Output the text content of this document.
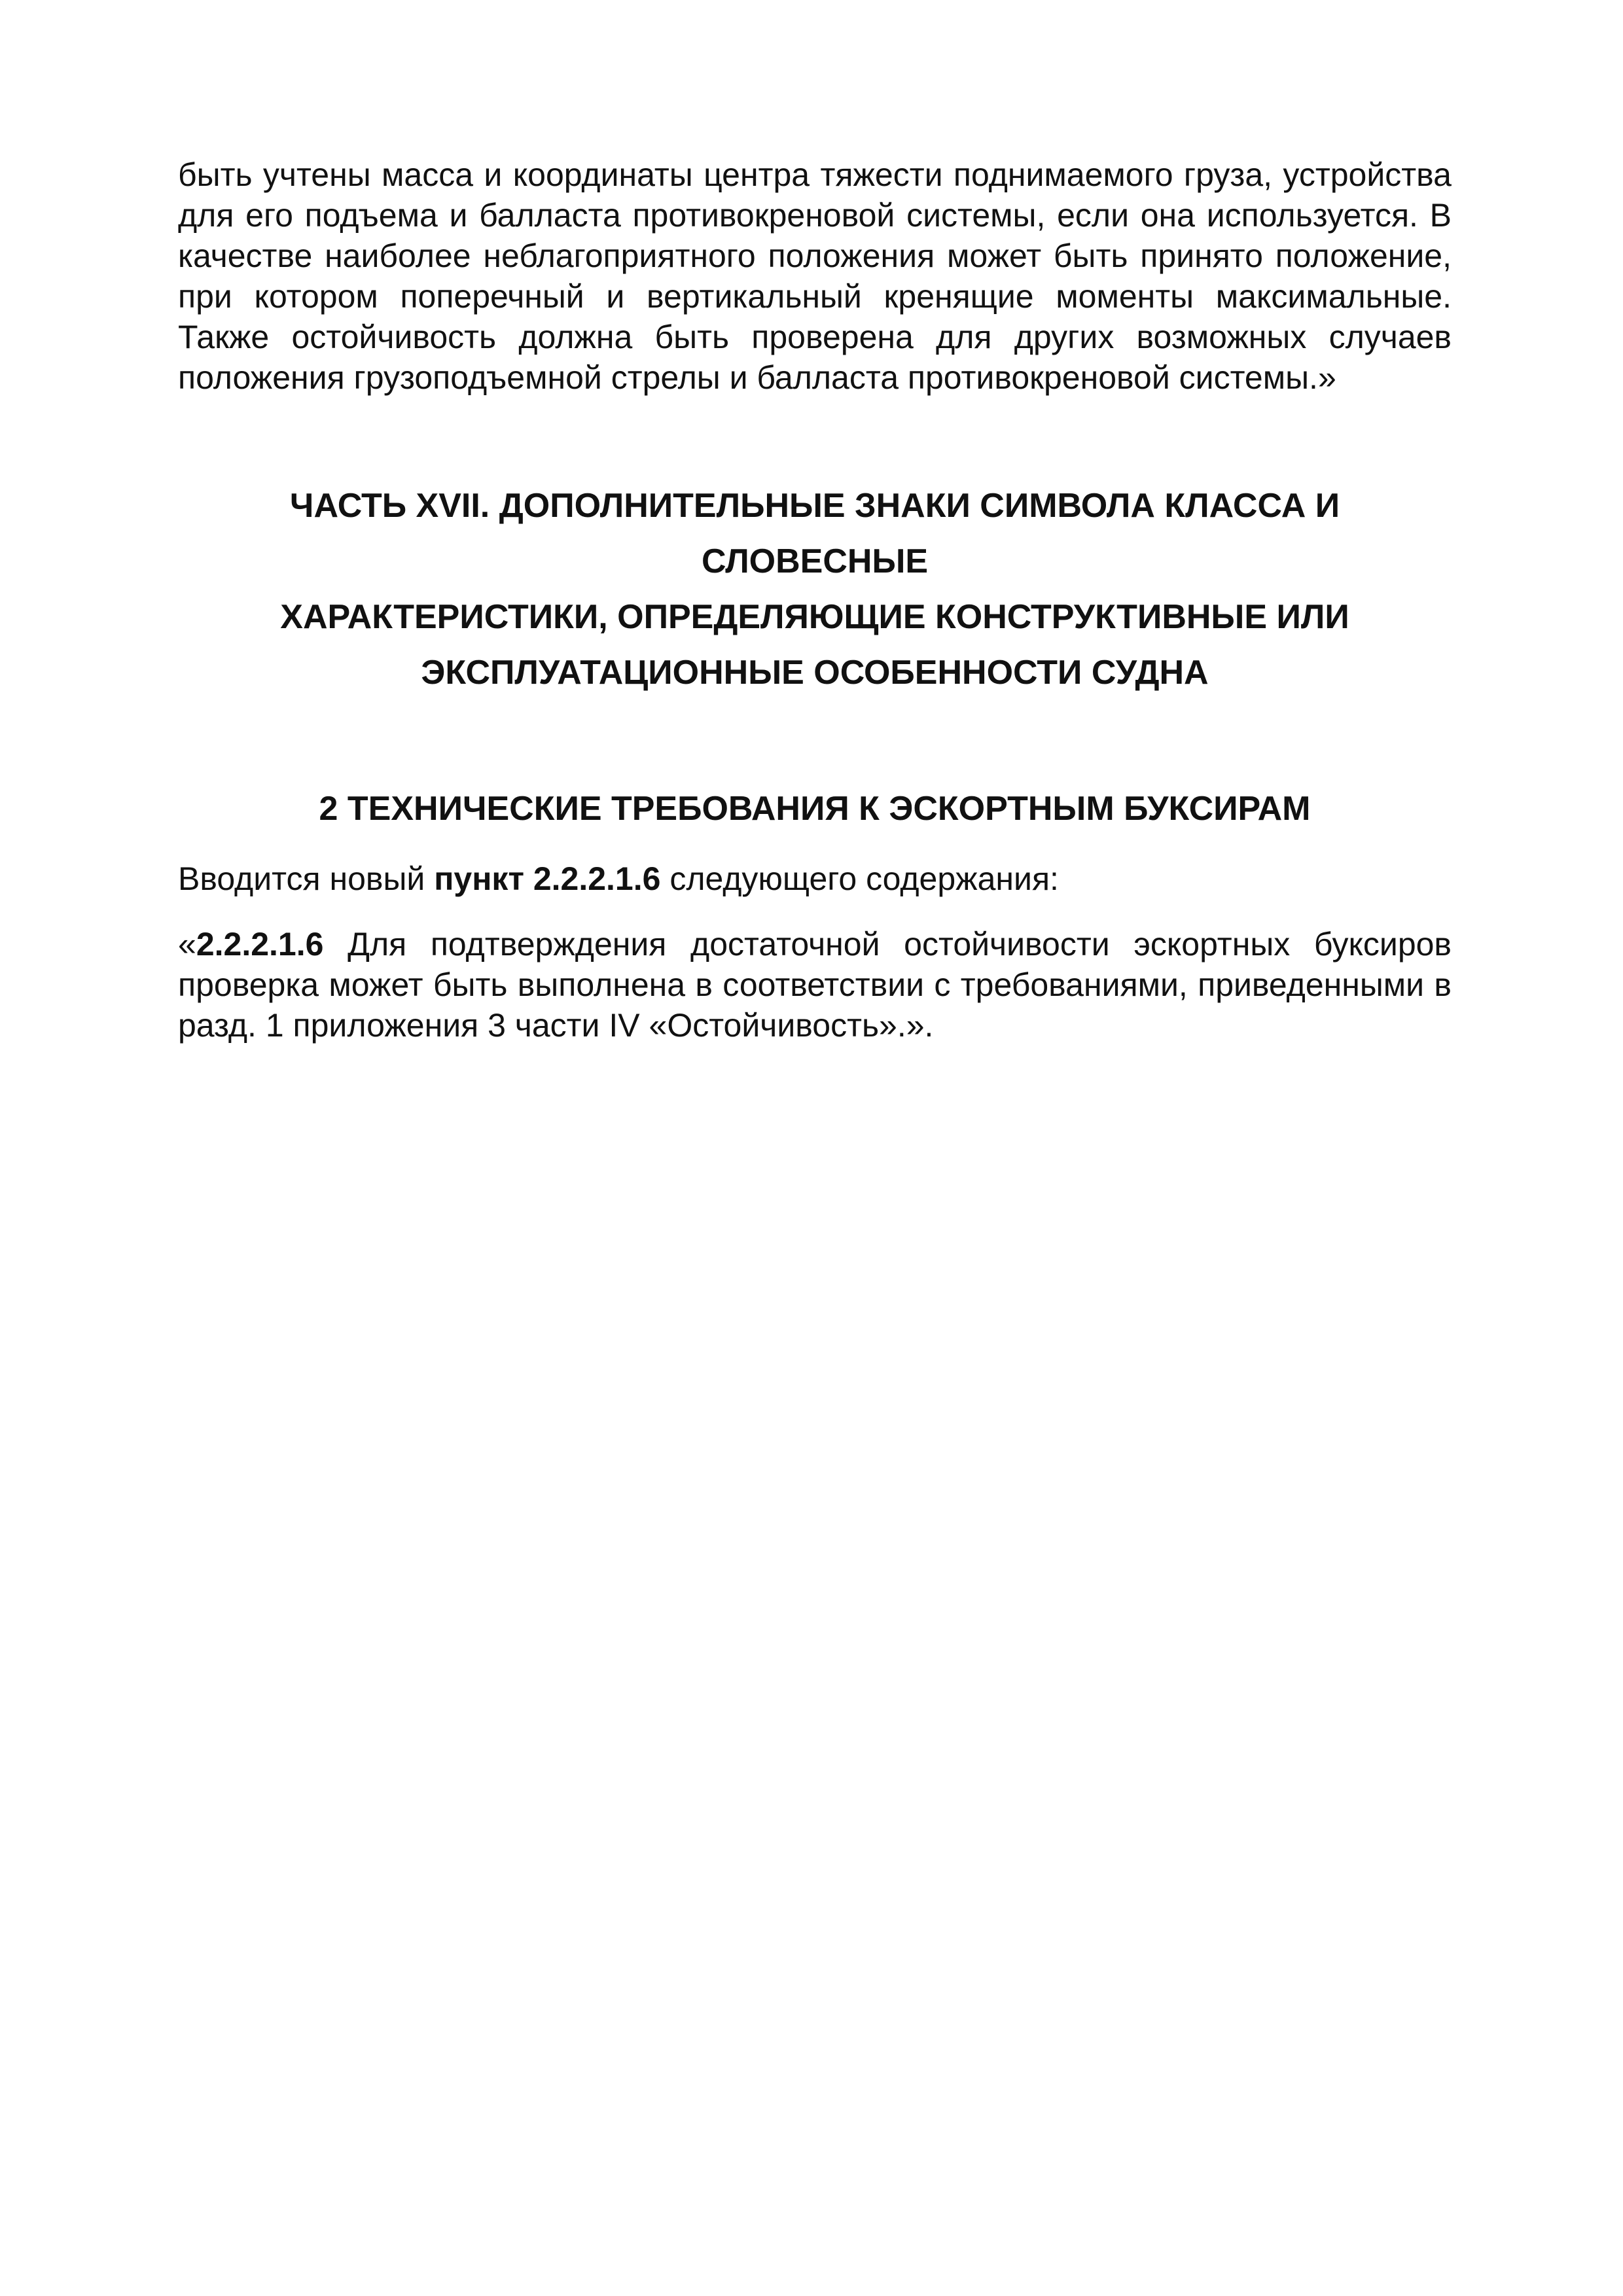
быть учтены масса и координаты центра тяжести поднимаемого груза, устройства для его подъема и балласта противокреновой системы, если она используется. В качестве наиболее неблагоприятного положения может быть принято положение, при котором поперечный и вертикальный кренящие моменты максимальные. Также остойчивость должна быть проверена для других возможных случаев положения грузоподъемной стрелы и балласта противокреновой системы.»

ЧАСТЬ XVII. ДОПОЛНИТЕЛЬНЫЕ ЗНАКИ СИМВОЛА КЛАССА И СЛОВЕСНЫЕ
ХАРАКТЕРИСТИКИ, ОПРЕДЕЛЯЮЩИЕ КОНСТРУКТИВНЫЕ ИЛИ
ЭКСПЛУАТАЦИОННЫЕ ОСОБЕННОСТИ СУДНА
2 ТЕХНИЧЕСКИЕ ТРЕБОВАНИЯ К ЭСКОРТНЫМ БУКСИРАМ

Вводится новый пункт 2.2.2.1.6 следующего содержания:

«2.2.2.1.6 Для подтверждения достаточной остойчивости эскортных буксиров проверка может быть выполнена в соответствии с требованиями, приведенными в разд. 1 приложения 3 части IV «Остойчивость».».
